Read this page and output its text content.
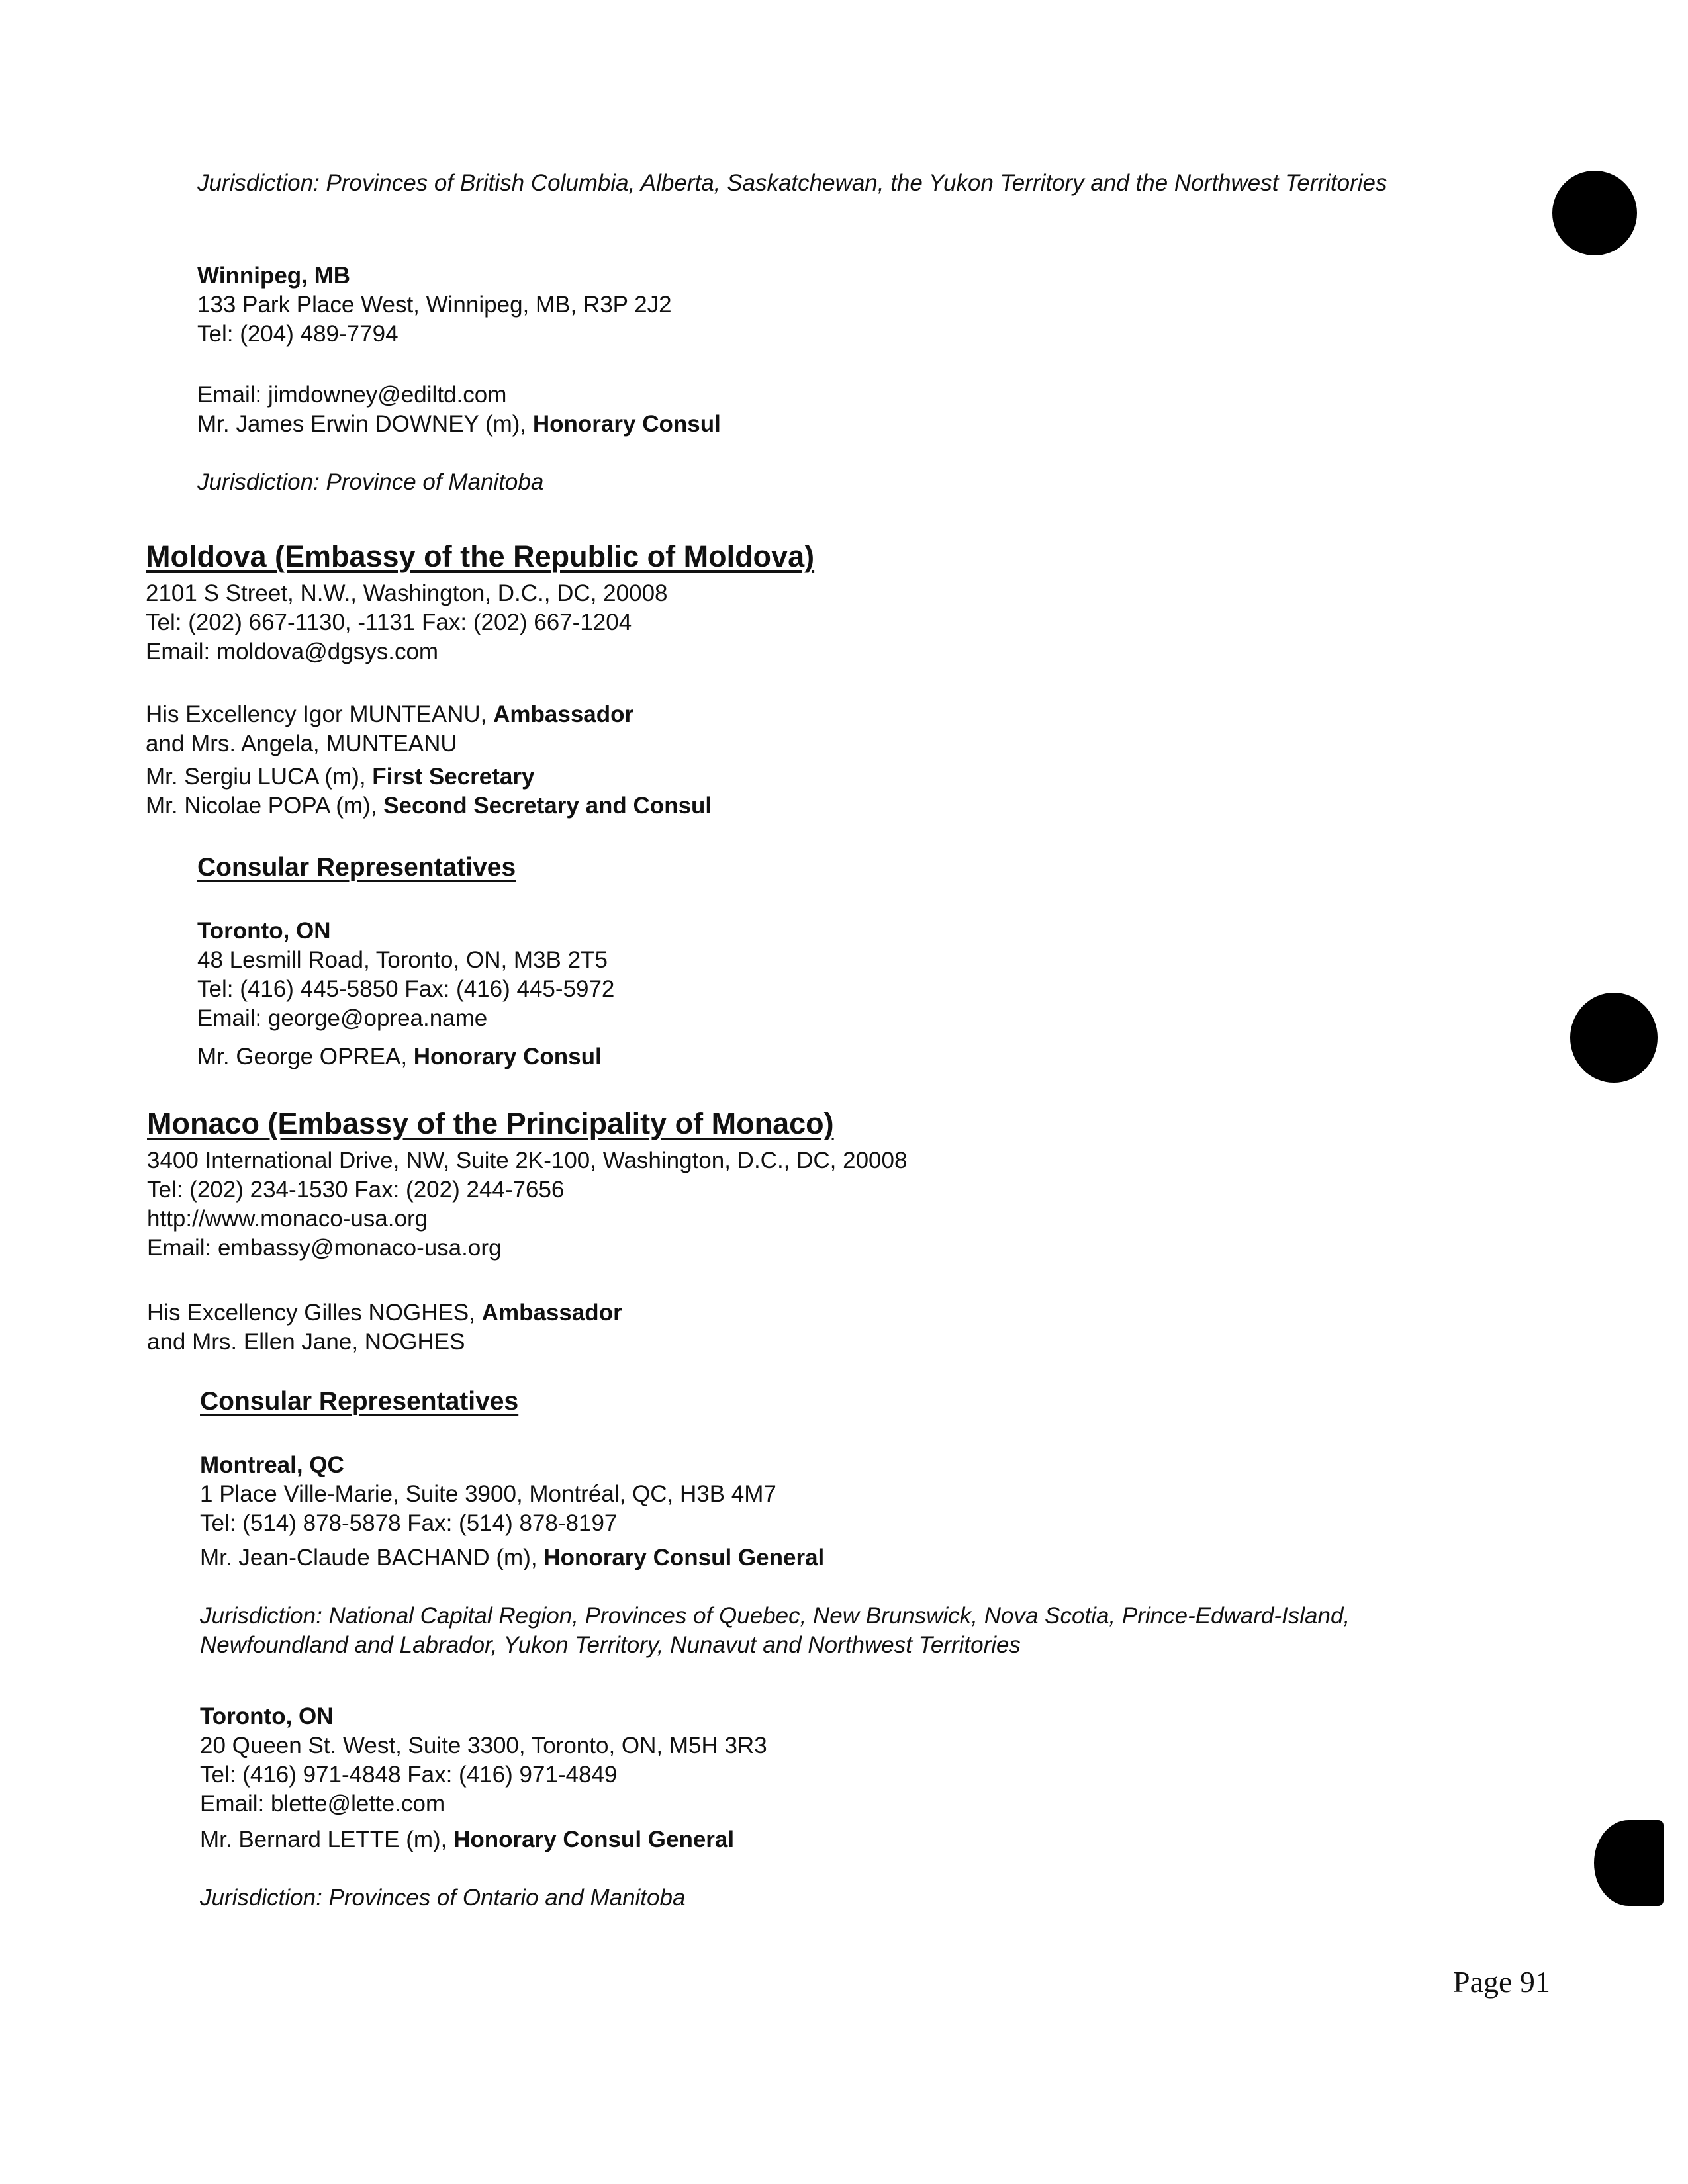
Jurisdiction: Provinces of British Columbia, Alberta, Saskatchewan, the Yukon Territory and the Northwest Territories
Winnipeg, MB
133 Park Place West, Winnipeg, MB, R3P 2J2
Tel: (204) 489-7794
Email: jimdowney@ediltd.com
Mr. James Erwin DOWNEY (m), Honorary Consul
Jurisdiction: Province of Manitoba
Moldova (Embassy of the Republic of Moldova)
2101 S Street, N.W., Washington, D.C., DC, 20008
Tel: (202) 667-1130, -1131 Fax: (202) 667-1204
Email: moldova@dgsys.com
His Excellency Igor MUNTEANU, Ambassador
and Mrs. Angela, MUNTEANU
Mr. Sergiu LUCA (m), First Secretary
Mr. Nicolae POPA (m), Second Secretary and Consul
Consular Representatives
Toronto, ON
48 Lesmill Road, Toronto, ON, M3B 2T5
Tel: (416) 445-5850 Fax: (416) 445-5972
Email: george@oprea.name
Mr. George OPREA, Honorary Consul
Monaco (Embassy of the Principality of Monaco)
3400 International Drive, NW, Suite 2K-100, Washington, D.C., DC, 20008
Tel: (202) 234-1530 Fax: (202) 244-7656
http://www.monaco-usa.org
Email: embassy@monaco-usa.org
His Excellency Gilles NOGHES, Ambassador
and Mrs. Ellen Jane, NOGHES
Consular Representatives
Montreal, QC
1 Place Ville-Marie, Suite 3900, Montréal, QC, H3B 4M7
Tel: (514) 878-5878 Fax: (514) 878-8197
Mr. Jean-Claude BACHAND (m), Honorary Consul General
Jurisdiction: National Capital Region, Provinces of Quebec, New Brunswick, Nova Scotia, Prince-Edward-Island,
Newfoundland and Labrador, Yukon Territory, Nunavut and Northwest Territories
Toronto, ON
20 Queen St. West, Suite 3300, Toronto, ON, M5H 3R3
Tel: (416) 971-4848 Fax: (416) 971-4849
Email: blette@lette.com
Mr. Bernard LETTE (m), Honorary Consul General
Jurisdiction: Provinces of Ontario and Manitoba
Page 91
